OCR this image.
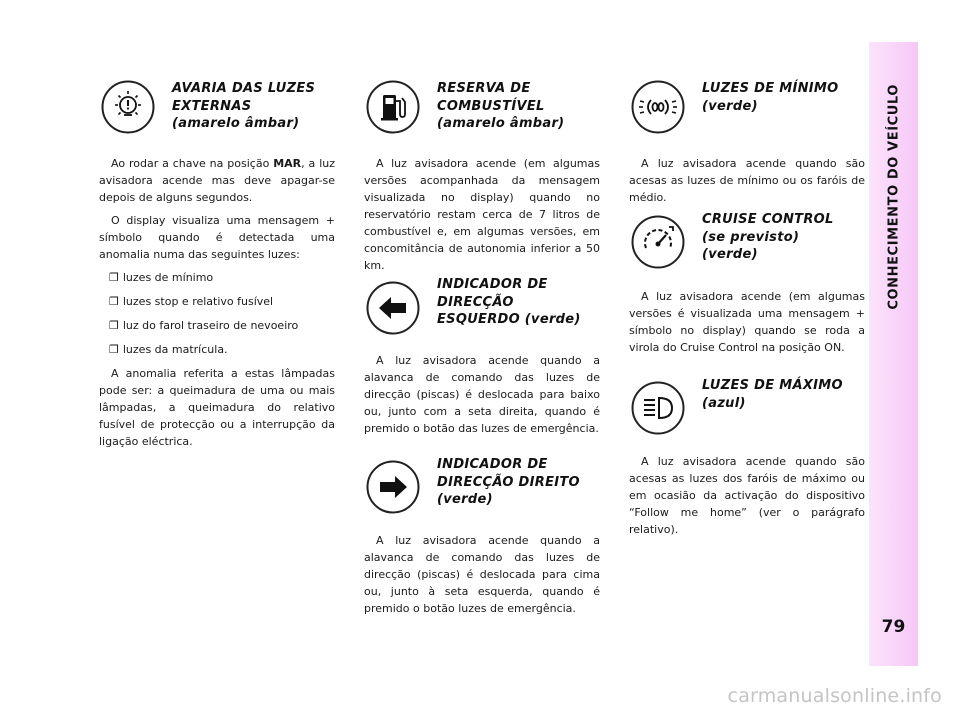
CONHECIMENTO DO VEÍCULO
79
AVARIA DAS LUZES
EXTERNAS
(amarelo âmbar)

Ao rodar a chave na posição MAR, a luz avisadora acende mas deve apagar-se depois de alguns segundos.

O display visualiza uma mensagem + símbolo quando é detectada uma anomalia numa das seguintes luzes:

❒ luzes de mínimo
❒ luzes stop e relativo fusível
❒ luz do farol traseiro de nevoeiro
❒ luzes da matrícula.

A anomalia referita a estas lâmpadas pode ser: a queimadura de uma ou mais lâmpadas, a queimadura do relativo fusível de protecção ou a interrupção da ligação eléctrica.

RESERVA DE
COMBUSTÍVEL
(amarelo âmbar)

A luz avisadora acende (em algumas versões acompanhada da mensagem visualizada no display) quando no reservatório restam cerca de 7 litros de combustível e, em algumas versões, em concomitância de autonomia inferior a 50 km.

INDICADOR DE
DIRECÇÃO
ESQUERDO (verde)

A luz avisadora acende quando a alavanca de comando das luzes de direcção (piscas) é deslocada para baixo ou, junto com a seta direita, quando é premido o botão das luzes de emergência.

INDICADOR DE
DIRECÇÃO DIREITO
(verde)

A luz avisadora acende quando a alavanca de comando das luzes de direcção (piscas) é deslocada para cima ou, junto à seta esquerda, quando é premido o botão luzes de emergência.

LUZES DE MÍNIMO
(verde)

A luz avisadora acende quando são acesas as luzes de mínimo ou os faróis de médio.

CRUISE CONTROL
(se previsto)
(verde)

A luz avisadora acende (em algumas versões é visualizada uma mensagem + símbolo no display) quando se roda a virola do Cruise Control na posição ON.

LUZES DE MÁXIMO
(azul)

A luz avisadora acende quando são acesas as luzes dos faróis de máximo ou em ocasião da activação do dispositivo “Follow me home” (ver o parágrafo relativo).

carmanualsonline.info
